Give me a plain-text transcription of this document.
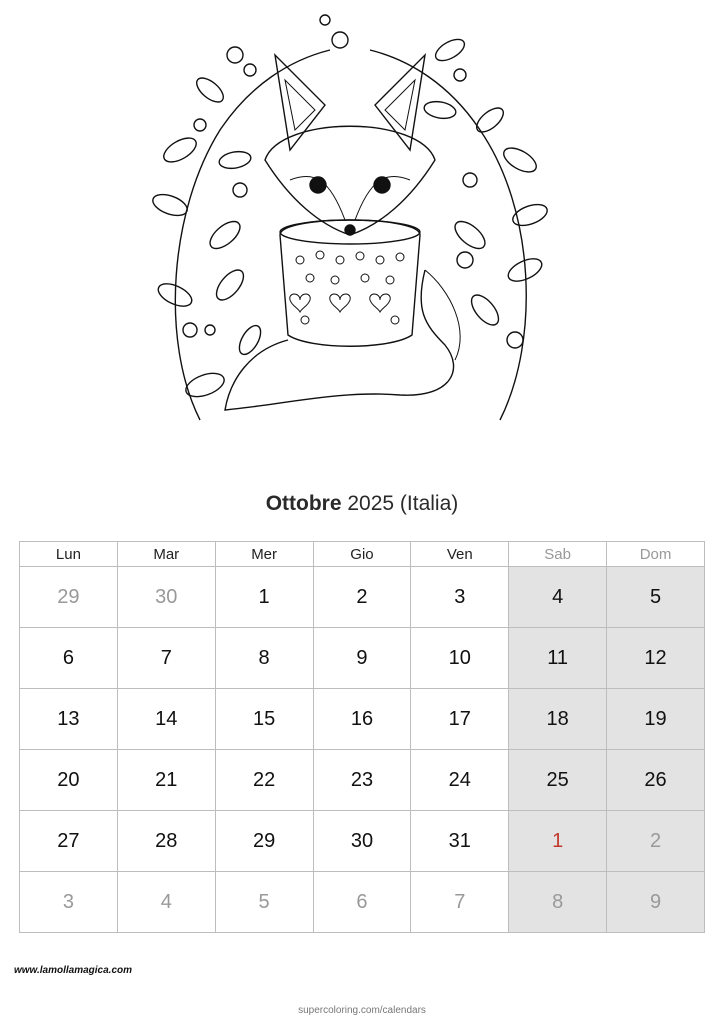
Ottobre 2025 (Italia)
Lun	Mar	Mer	Gio	Ven	Sab	Dom
29	30	1	2	3	4	5
6	7	8	9	10	11	12
13	14	15	16	17	18	19
20	21	22	23	24	25	26
27	28	29	30	31	1	2
3	4	5	6	7	8	9
www.lamollamagica.com
supercoloring.com/calendars
